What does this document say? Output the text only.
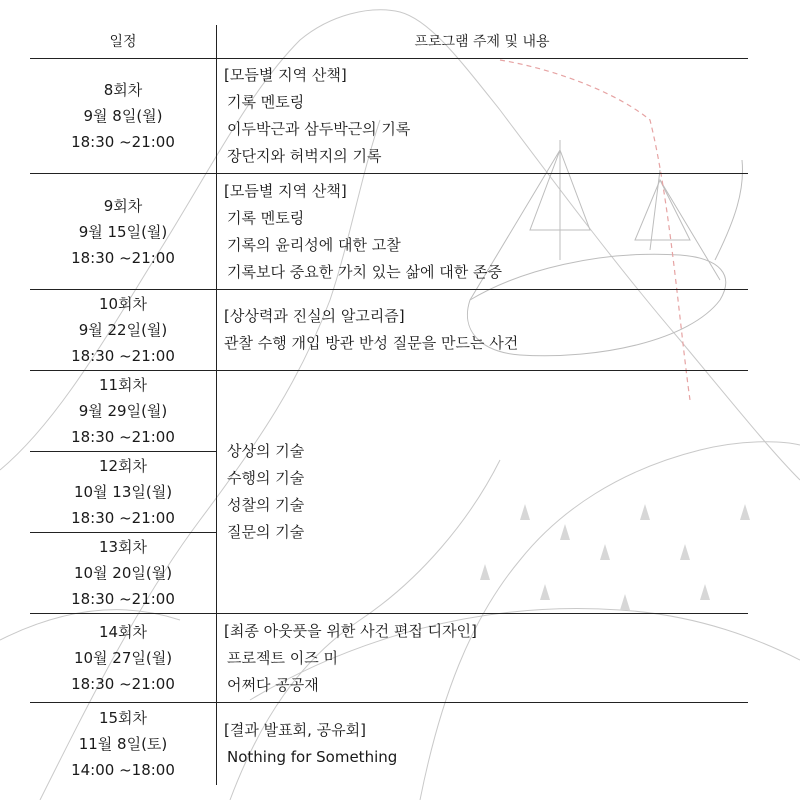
일정	프로그램 주제 및 내용
8회차
9월 8일(월)
18:30 ~21:00
9회차
9월 15일(월)
18:30 ~21:00
10회차
9월 22일(월)
18:30 ~21:00
11회차
9월 29일(월)
18:30 ~21:00
12회차
10월 13일(월)
18:30 ~21:00
13회차
10월 20일(월)
18:30 ~21:00
14회차
10월 27일(월)
18:30 ~21:00
15회차
11월 8일(토)
14:00 ~18:00
[모듬별 지역 산책]
기록 멘토링
이두박근과 삼두박근의 기록
장단지와 허벅지의 기록
[모듬별 지역 산책]
기록 멘토링
기록의 윤리성에 대한 고찰
기록보다 중요한 가치 있는 삶에 대한 존중
[상상력과 진실의 알고리즘]
관찰 수행 개입 방관 반성 질문을 만드는 사건
상상의 기술
수행의 기술
성찰의 기술
질문의 기술
[최종 아웃풋을 위한 사건 편집 디자인]
프로젝트 이즈 미
어쩌다 공공재
[결과 발표회, 공유회]
Nothing for Something
